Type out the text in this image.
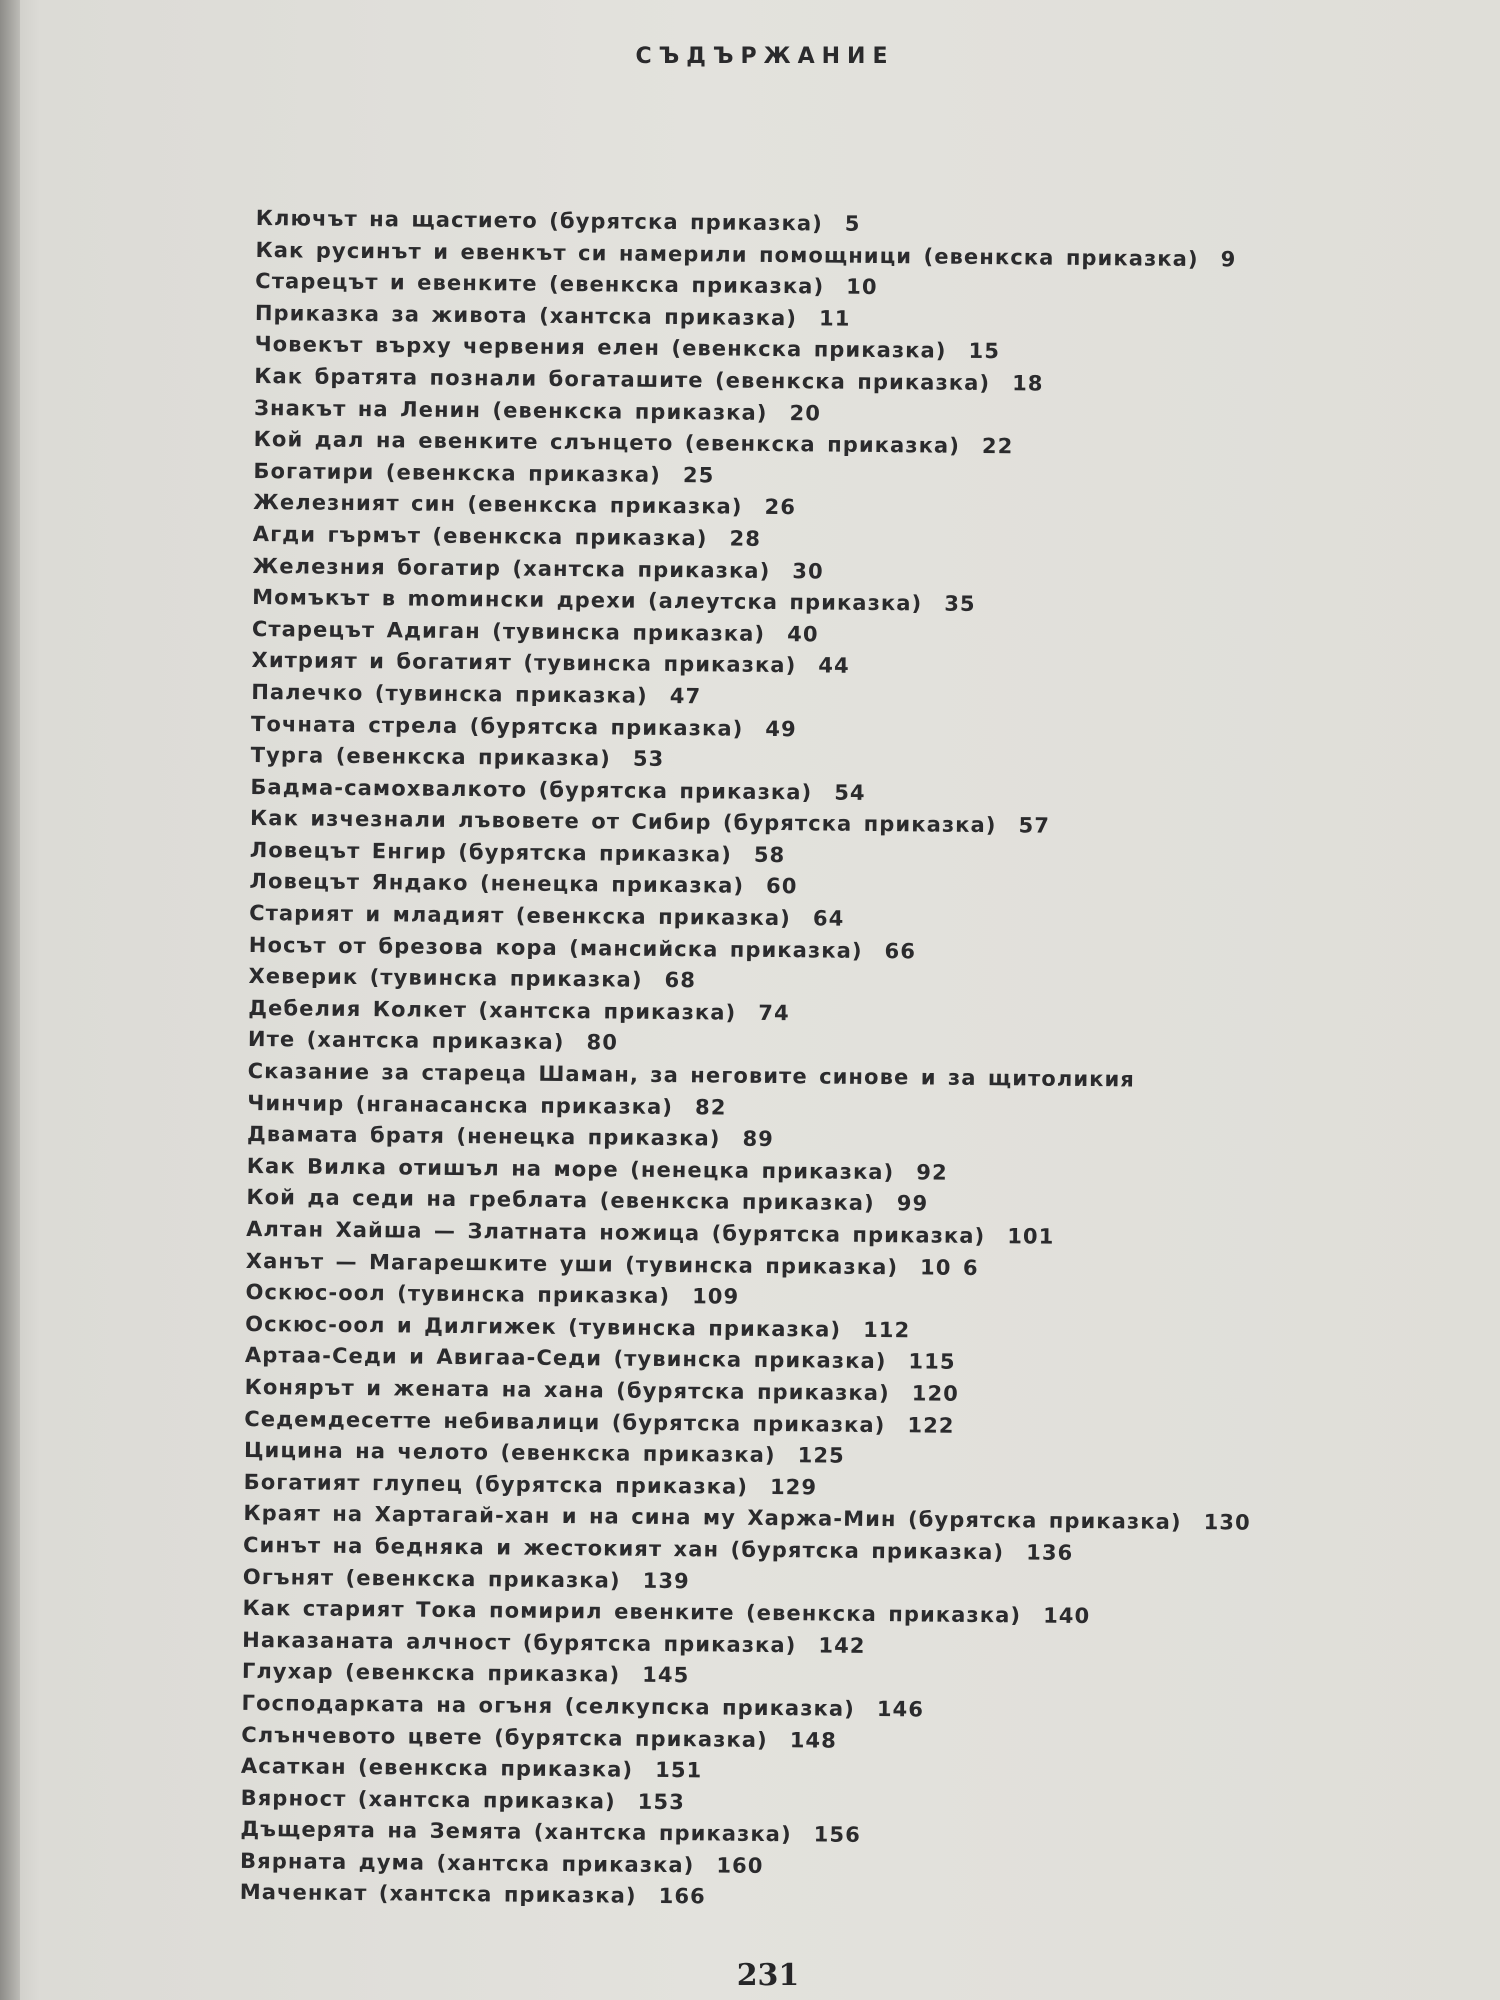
СЪДЪРЖАНИЕ
Ключът на щастието (бурятска приказка) 5
Как русинът и евенкът си намерили помощници (евенкска приказка) 9
Старецът и евенките (евенкска приказка) 10
Приказка за живота (хантска приказка) 11
Човекът върху червения елен (евенкска приказка) 15
Как братята познали богаташите (евенкска приказка) 18
Знакът на Ленин (евенкска приказка) 20
Кой дал на евенките слънцето (евенкска приказка) 22
Богатири (евенкска приказка) 25
Железният син (евенкска приказка) 26
Агди гърмът (евенкска приказка) 28
Железния богатир (хантска приказка) 30
Момъкът в momински дрехи (алеутска приказка) 35
Старецът Адиган (тувинска приказка) 40
Хитрият и богатият (тувинска приказка) 44
Палечко (тувинска приказка) 47
Точната стрела (бурятска приказка) 49
Турга (евенкска приказка) 53
Бадма-самохвалкото (бурятска приказка) 54
Как изчезнали лъвовете от Сибир (бурятска приказка) 57
Ловецът Енгир (бурятска приказка) 58
Ловецът Яндако (ненецка приказка) 60
Старият и младият (евенкска приказка) 64
Носът от брезова кора (мансийска приказка) 66
Хеверик (тувинска приказка) 68
Дебелия Колкет (хантска приказка) 74
Ите (хантска приказка) 80
Сказание за стареца Шаман, за неговите синове и за щитоликия
Чинчир (нганасанска приказка) 82
Двамата братя (ненецка приказка) 89
Как Вилка отишъл на море (ненецка приказка) 92
Кой да седи на греблата (евенкска приказка) 99
Алтан Хайша — Златната ножица (бурятска приказка) 101
Ханът — Магарешките уши (тувинска приказка) 10 6
Оскюс-оол (тувинска приказка) 109
Оскюс-оол и Дилгижек (тувинска приказка) 112
Артаа-Седи и Авигаа-Седи (тувинска приказка) 115
Конярът и жената на хана (бурятска приказка) 120
Седемдесетте небивалици (бурятска приказка) 122
Цицина на челото (евенкска приказка) 125
Богатият глупец (бурятска приказка) 129
Краят на Хартагай-хан и на сина му Харжа-Мин (бурятска приказка) 130
Синът на бедняка и жестокият хан (бурятска приказка) 136
Огънят (евенкска приказка) 139
Как старият Тока помирил евенките (евенкска приказка) 140
Наказаната алчност (бурятска приказка) 142
Глухар (евенкска приказка) 145
Господарката на огъня (селкупска приказка) 146
Слънчевото цвете (бурятска приказка) 148
Асаткан (евенкска приказка) 151
Вярност (хантска приказка) 153
Дъщерята на Земята (хантска приказка) 156
Вярната дума (хантска приказка) 160
Маченкат (хантска приказка) 166
231
